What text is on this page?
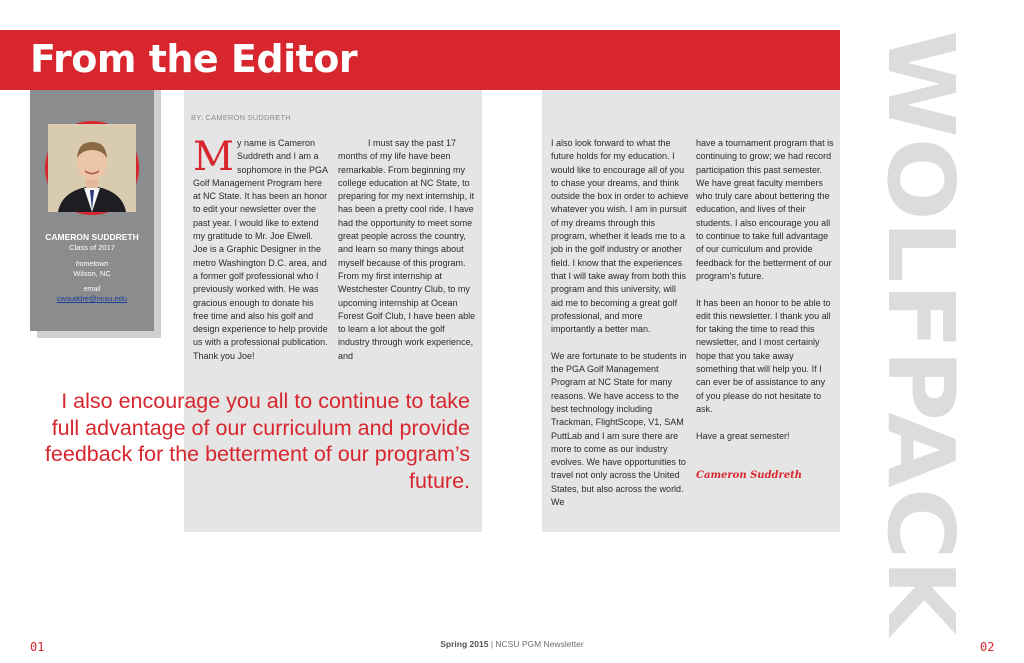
From the Editor
CAMERON SUDDRETH
Class of 2017
hometown
Wilson, NC
email
cwsuddre@ncsu.edu
BY: CAMERON SUDDRETH
M y name is Cameron Suddreth and I am a sophomore in the PGA Golf Management Program here at NC State. It has been an honor to edit your newsletter over the past year. I would like to extend my gratitude to Mr. Joe Elwell. Joe is a Graphic Designer in the metro Washington D.C. area, and a former golf professional who I previously worked with. He was gracious enough to donate his free time and also his golf and design experience to help provide us with a professional publication. Thank you Joe!

I must say the past 17 months of my life have been remarkable. From beginning my college education at NC State, to preparing for my next internship, it has been a pretty cool ride. I have had the opportunity to meet some great people across the country, and learn so many things about myself because of this program. From my first internship at Westchester Country Club, to my upcoming internship at Ocean Forest Golf Club, I have been able to learn a lot about the golf industry through work experience, and

I also look forward to what the future holds for my education. I would like to encourage all of you to chase your dreams, and think outside the box in order to achieve whatever you wish. I am in pursuit of my dreams through this program, whether it leads me to a job in the golf industry or another field. I know that the experiences that I will take away from both this program and this university, will aid me to becoming a great golf professional, and more importantly a better man.

We are fortunate to be students in the PGA Golf Management Program at NC State for many reasons. We have access to the best technology including Trackman, FlightScope, V1, SAM PuttLab and I am sure there are more to come as our industry evolves. We have opportunities to travel not only across the United States, but also across the world. We

have a tournament program that is continuing to grow; we had record participation this past semester. We have great faculty members who truly care about bettering the education, and lives of their students. I also encourage you all to continue to take full advantage of our curriculum and provide feedback for the betterment of our program’s future.

It has been an honor to be able to edit this newsletter. I thank you all for taking the time to read this newsletter, and I most certainly hope that you take away something that will help you. If I can ever be of assistance to any of you please do not hesitate to ask.

Have a great semester!

Cameron Suddreth
I also encourage you all to continue to take full advantage of our curriculum and provide feedback for the betterment of our program’s future.	WOLFPACK
01	02
Spring 2015 | NCSU PGM Newsletter
